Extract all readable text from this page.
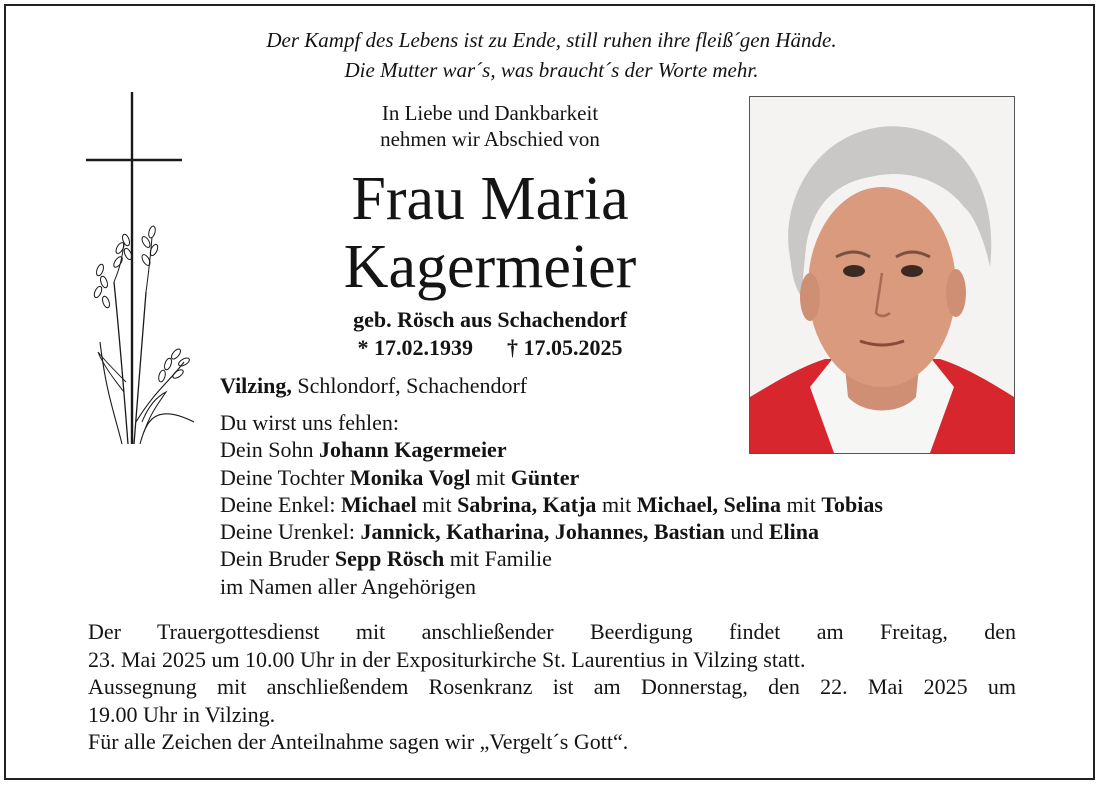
Der Kampf des Lebens ist zu Ende, still ruhen ihre fleiß´gen Hände.
Die Mutter war´s, was braucht´s der Worte mehr.
In Liebe und Dankbarkeit
nehmen wir Abschied von
Frau Maria
Kagermeier
geb. Rösch aus Schachendorf
* 17.02.1939 † 17.05.2025
Vilzing, Schlondorf, Schachendorf
Du wirst uns fehlen:
Dein Sohn Johann Kagermeier
Deine Tochter Monika Vogl mit Günter
Deine Enkel: Michael mit Sabrina, Katja mit Michael, Selina mit Tobias
Deine Urenkel: Jannick, Katharina, Johannes, Bastian und Elina
Dein Bruder Sepp Rösch mit Familie
im Namen aller Angehörigen

Der Trauergottesdienst mit anschließender Beerdigung findet am Freitag, den

23. Mai 2025 um 10.00 Uhr in der Expositurkirche St. Laurentius in Vilzing statt.

Aussegnung mit anschließendem Rosenkranz ist am Donnerstag, den 22. Mai 2025 um

19.00 Uhr in Vilzing.

Für alle Zeichen der Anteilnahme sagen wir „Vergelt´s Gott“.
